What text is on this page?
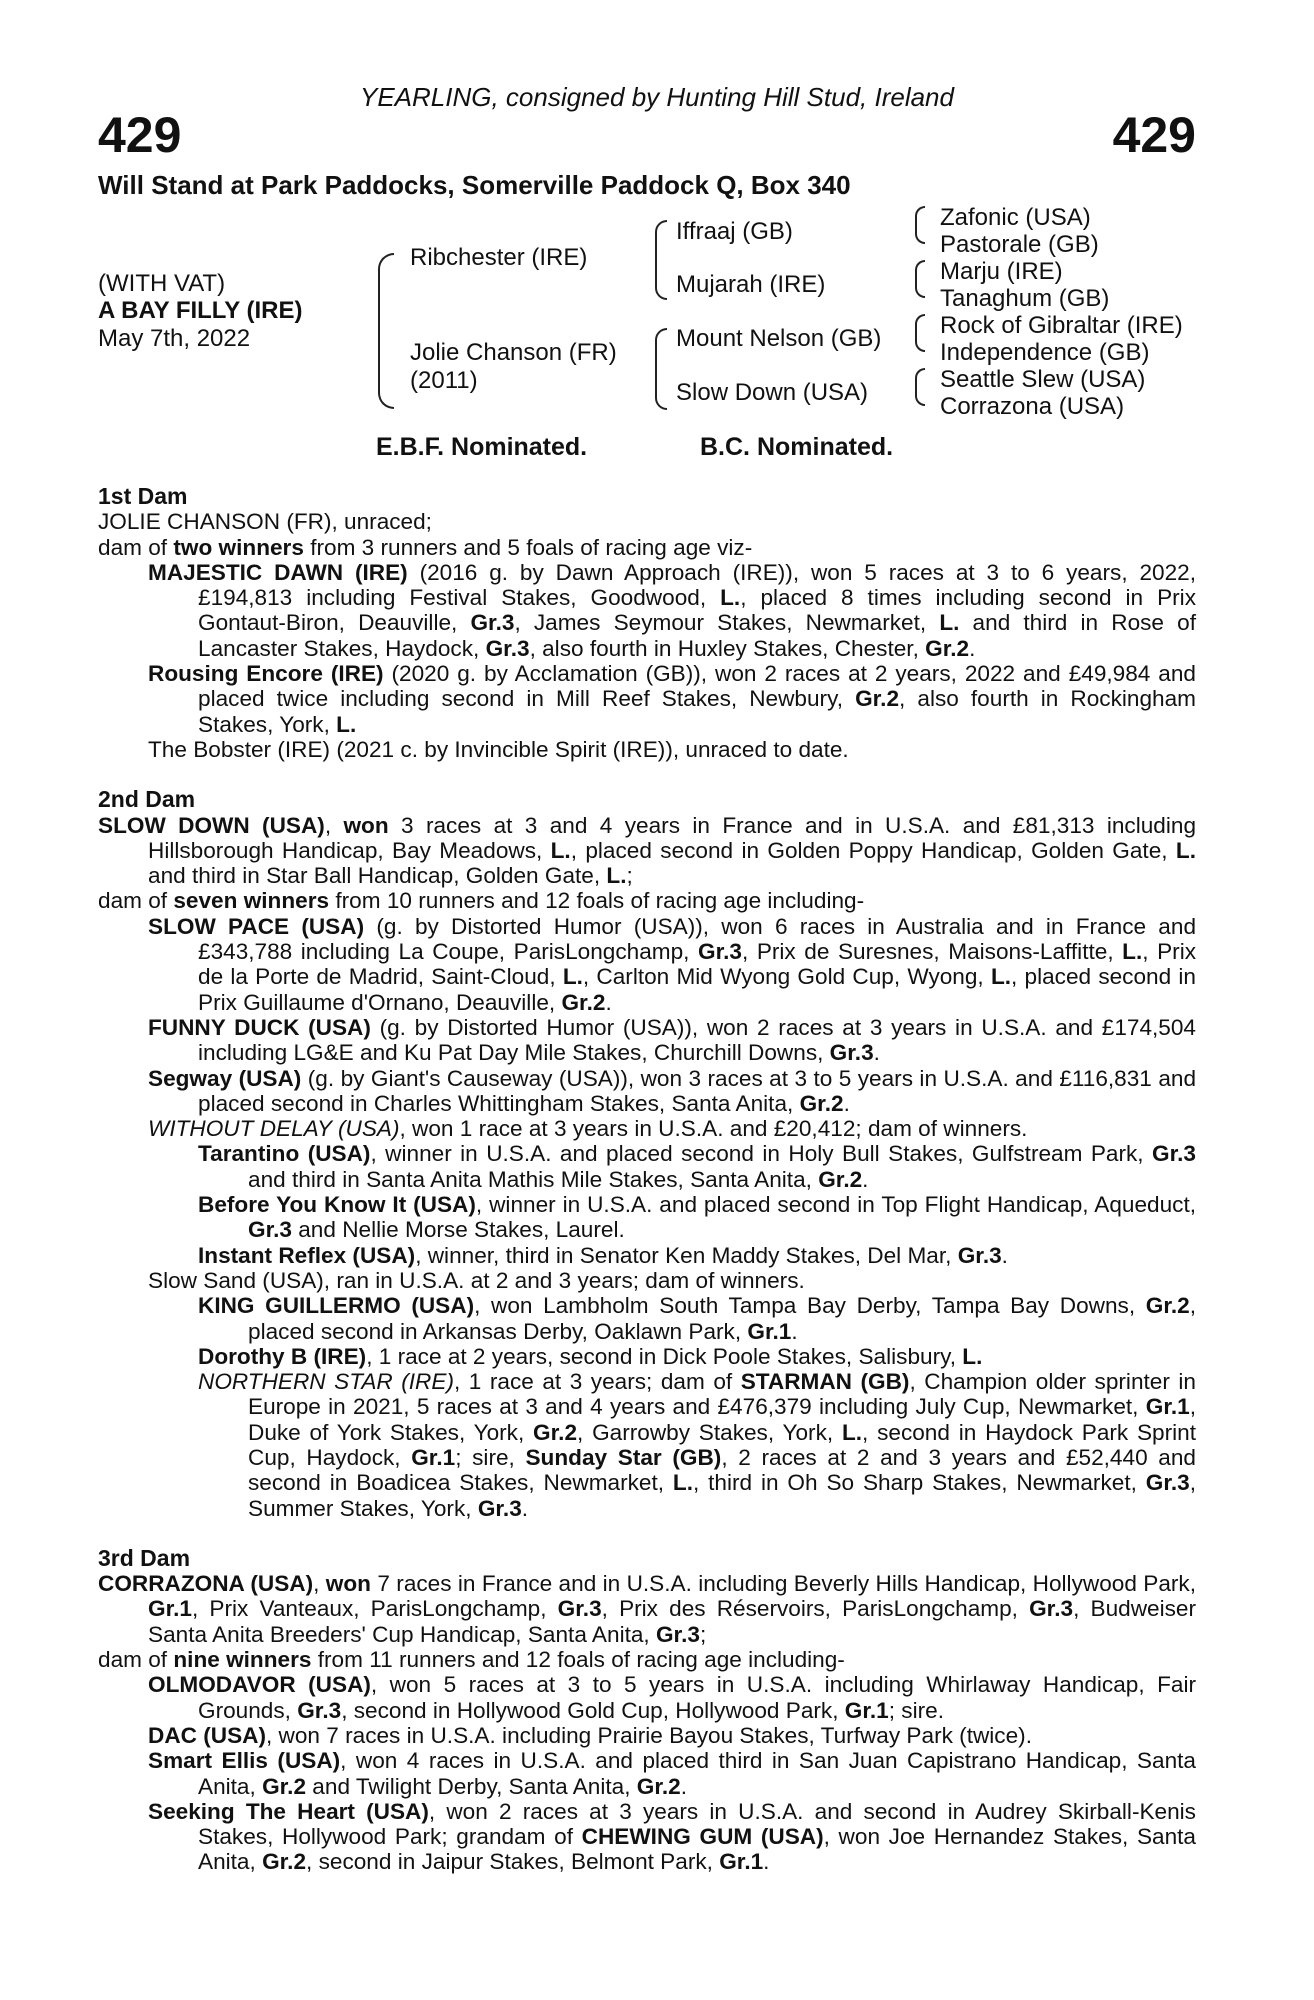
YEARLING, consigned by Hunting Hill Stud, Ireland
429	429
Will Stand at Park Paddocks, Somerville Paddock Q, Box 340
(WITH VAT)
A BAY FILLY (IRE)
May 7th, 2022
Ribchester (IRE)
Jolie Chanson (FR)
(2011)
Iffraaj (GB)
Mujarah (IRE)
Mount Nelson (GB)
Slow Down (USA)
Zafonic (USA)
Pastorale (GB)
Marju (IRE)
Tanaghum (GB)
Rock of Gibraltar (IRE)
Independence (GB)
Seattle Slew (USA)
Corrazona (USA)
E.B.F. Nominated.	B.C. Nominated.
1st Dam
JOLIE CHANSON (FR), unraced;
dam of two winners from 3 runners and 5 foals of racing age viz-
MAJESTIC DAWN (IRE) (2016 g. by Dawn Approach (IRE)), won 5 races at 3 to 6 years, 2022, £194,813 including Festival Stakes, Goodwood, L., placed 8 times including second in Prix Gontaut-Biron, Deauville, Gr.3, James Seymour Stakes, Newmarket, L. and third in Rose of Lancaster Stakes, Haydock, Gr.3, also fourth in Huxley Stakes, Chester, Gr.2.
Rousing Encore (IRE) (2020 g. by Acclamation (GB)), won 2 races at 2 years, 2022 and £49,984 and placed twice including second in Mill Reef Stakes, Newbury, Gr.2, also fourth in Rockingham Stakes, York, L.
The Bobster (IRE) (2021 c. by Invincible Spirit (IRE)), unraced to date.
2nd Dam
SLOW DOWN (USA), won 3 races at 3 and 4 years in France and in U.S.A. and £81,313 including Hillsborough Handicap, Bay Meadows, L., placed second in Golden Poppy Handicap, Golden Gate, L. and third in Star Ball Handicap, Golden Gate, L.;
dam of seven winners from 10 runners and 12 foals of racing age including-
SLOW PACE (USA) (g. by Distorted Humor (USA)), won 6 races in Australia and in France and £343,788 including La Coupe, ParisLongchamp, Gr.3, Prix de Suresnes, Maisons-Laffitte, L., Prix de la Porte de Madrid, Saint-Cloud, L., Carlton Mid Wyong Gold Cup, Wyong, L., placed second in Prix Guillaume d'Ornano, Deauville, Gr.2.
FUNNY DUCK (USA) (g. by Distorted Humor (USA)), won 2 races at 3 years in U.S.A. and £174,504 including LG&E and Ku Pat Day Mile Stakes, Churchill Downs, Gr.3.
Segway (USA) (g. by Giant's Causeway (USA)), won 3 races at 3 to 5 years in U.S.A. and £116,831 and placed second in Charles Whittingham Stakes, Santa Anita, Gr.2.
WITHOUT DELAY (USA), won 1 race at 3 years in U.S.A. and £20,412; dam of winners.
Tarantino (USA), winner in U.S.A. and placed second in Holy Bull Stakes, Gulfstream Park, Gr.3 and third in Santa Anita Mathis Mile Stakes, Santa Anita, Gr.2.
Before You Know It (USA), winner in U.S.A. and placed second in Top Flight Handicap, Aqueduct, Gr.3 and Nellie Morse Stakes, Laurel.
Instant Reflex (USA), winner, third in Senator Ken Maddy Stakes, Del Mar, Gr.3.
Slow Sand (USA), ran in U.S.A. at 2 and 3 years; dam of winners.
KING GUILLERMO (USA), won Lambholm South Tampa Bay Derby, Tampa Bay Downs, Gr.2, placed second in Arkansas Derby, Oaklawn Park, Gr.1.
Dorothy B (IRE), 1 race at 2 years, second in Dick Poole Stakes, Salisbury, L.
NORTHERN STAR (IRE), 1 race at 3 years; dam of STARMAN (GB), Champion older sprinter in Europe in 2021, 5 races at 3 and 4 years and £476,379 including July Cup, Newmarket, Gr.1, Duke of York Stakes, York, Gr.2, Garrowby Stakes, York, L., second in Haydock Park Sprint Cup, Haydock, Gr.1; sire, Sunday Star (GB), 2 races at 2 and 3 years and £52,440 and second in Boadicea Stakes, Newmarket, L., third in Oh So Sharp Stakes, Newmarket, Gr.3, Summer Stakes, York, Gr.3.
3rd Dam
CORRAZONA (USA), won 7 races in France and in U.S.A. including Beverly Hills Handicap, Hollywood Park, Gr.1, Prix Vanteaux, ParisLongchamp, Gr.3, Prix des Réservoirs, ParisLongchamp, Gr.3, Budweiser Santa Anita Breeders' Cup Handicap, Santa Anita, Gr.3;
dam of nine winners from 11 runners and 12 foals of racing age including-
OLMODAVOR (USA), won 5 races at 3 to 5 years in U.S.A. including Whirlaway Handicap, Fair Grounds, Gr.3, second in Hollywood Gold Cup, Hollywood Park, Gr.1; sire.
DAC (USA), won 7 races in U.S.A. including Prairie Bayou Stakes, Turfway Park (twice).
Smart Ellis (USA), won 4 races in U.S.A. and placed third in San Juan Capistrano Handicap, Santa Anita, Gr.2 and Twilight Derby, Santa Anita, Gr.2.
Seeking The Heart (USA), won 2 races at 3 years in U.S.A. and second in Audrey Skirball-Kenis Stakes, Hollywood Park; grandam of CHEWING GUM (USA), won Joe Hernandez Stakes, Santa Anita, Gr.2, second in Jaipur Stakes, Belmont Park, Gr.1.
